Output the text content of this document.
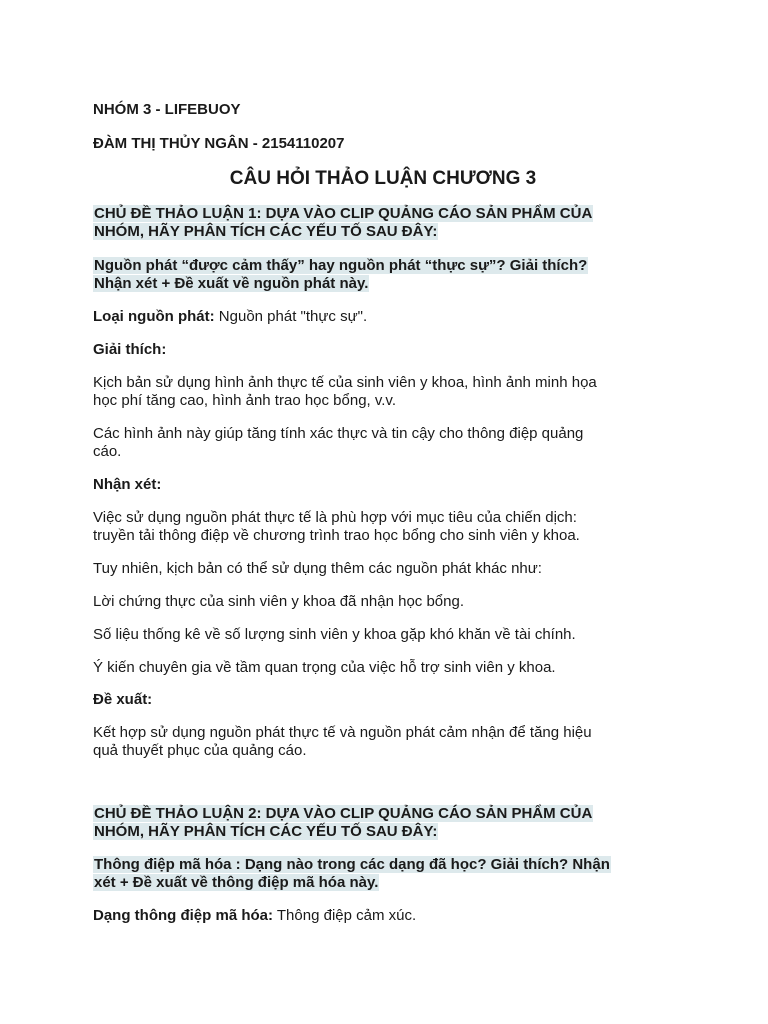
NHÓM 3 - LIFEBUOY
ĐÀM THỊ THỦY NGÂN - 2154110207
CÂU HỎI THẢO LUẬN CHƯƠNG 3
CHỦ ĐỀ THẢO LUẬN 1: DỰA VÀO CLIP QUẢNG CÁO SẢN PHẨM CỦA
NHÓM, HÃY PHÂN TÍCH CÁC YẾU TỐ SAU ĐÂY:
Nguồn phát “được cảm thấy” hay nguồn phát “thực sự”? Giải thích?
Nhận xét + Đề xuất về nguồn phát này.
Loại nguồn phát: Nguồn phát "thực sự".
Giải thích:
Kịch bản sử dụng hình ảnh thực tế của sinh viên y khoa, hình ảnh minh họa
học phí tăng cao, hình ảnh trao học bổng, v.v.
Các hình ảnh này giúp tăng tính xác thực và tin cậy cho thông điệp quảng
cáo.
Nhận xét:
Việc sử dụng nguồn phát thực tế là phù hợp với mục tiêu của chiến dịch:
truyền tải thông điệp về chương trình trao học bổng cho sinh viên y khoa.
Tuy nhiên, kịch bản có thể sử dụng thêm các nguồn phát khác như:
Lời chứng thực của sinh viên y khoa đã nhận học bổng.
Số liệu thống kê về số lượng sinh viên y khoa gặp khó khăn về tài chính.
Ý kiến chuyên gia về tầm quan trọng của việc hỗ trợ sinh viên y khoa.
Đề xuất:
Kết hợp sử dụng nguồn phát thực tế và nguồn phát cảm nhận để tăng hiệu
quả thuyết phục của quảng cáo.
CHỦ ĐỀ THẢO LUẬN 2: DỰA VÀO CLIP QUẢNG CÁO SẢN PHẨM CỦA
NHÓM, HÃY PHÂN TÍCH CÁC YẾU TỐ SAU ĐÂY:
Thông điệp mã hóa : Dạng nào trong các dạng đã học? Giải thích? Nhận
xét + Đề xuất về thông điệp mã hóa này.
Dạng thông điệp mã hóa: Thông điệp cảm xúc.
